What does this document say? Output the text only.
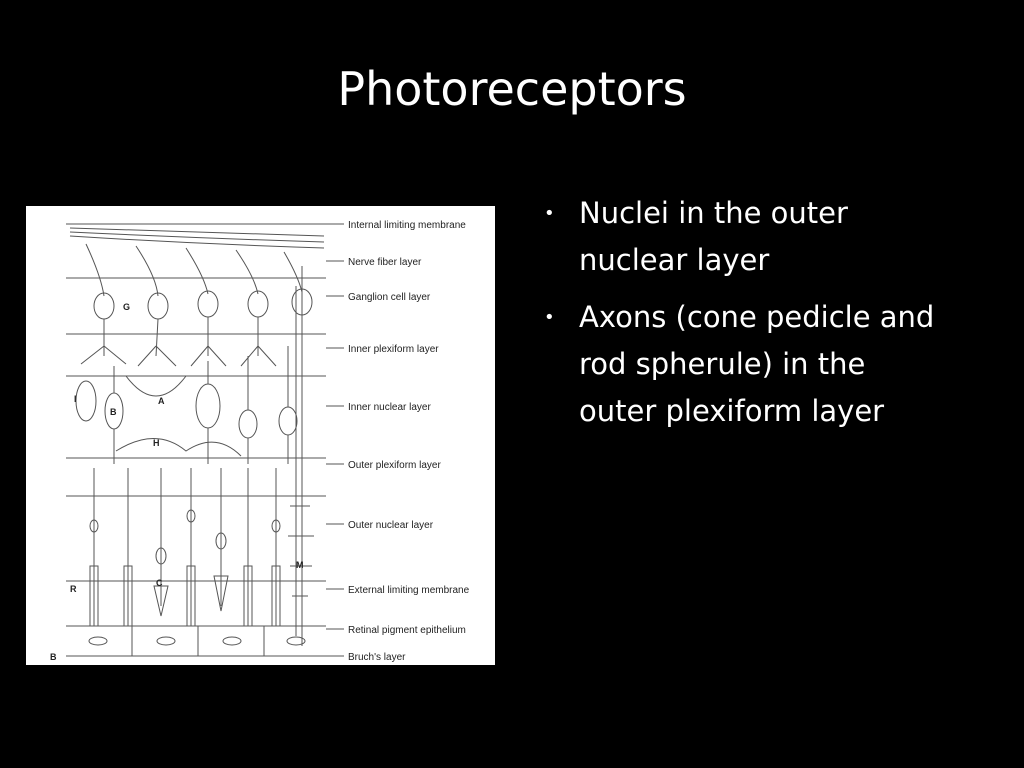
Photoreceptors
Internal limiting membrane
Nerve fiber layer
Ganglion cell layer
Inner plexiform layer
Inner nuclear layer
Outer plexiform layer
Outer nuclear layer
External limiting membrane
Retinal pigment epithelium
Bruch's layer
G
I
B
A
H
M
R
C
B
• Nuclei in the outer nuclear layer
• Axons (cone pedicle and rod spherule) in the outer plexiform layer
